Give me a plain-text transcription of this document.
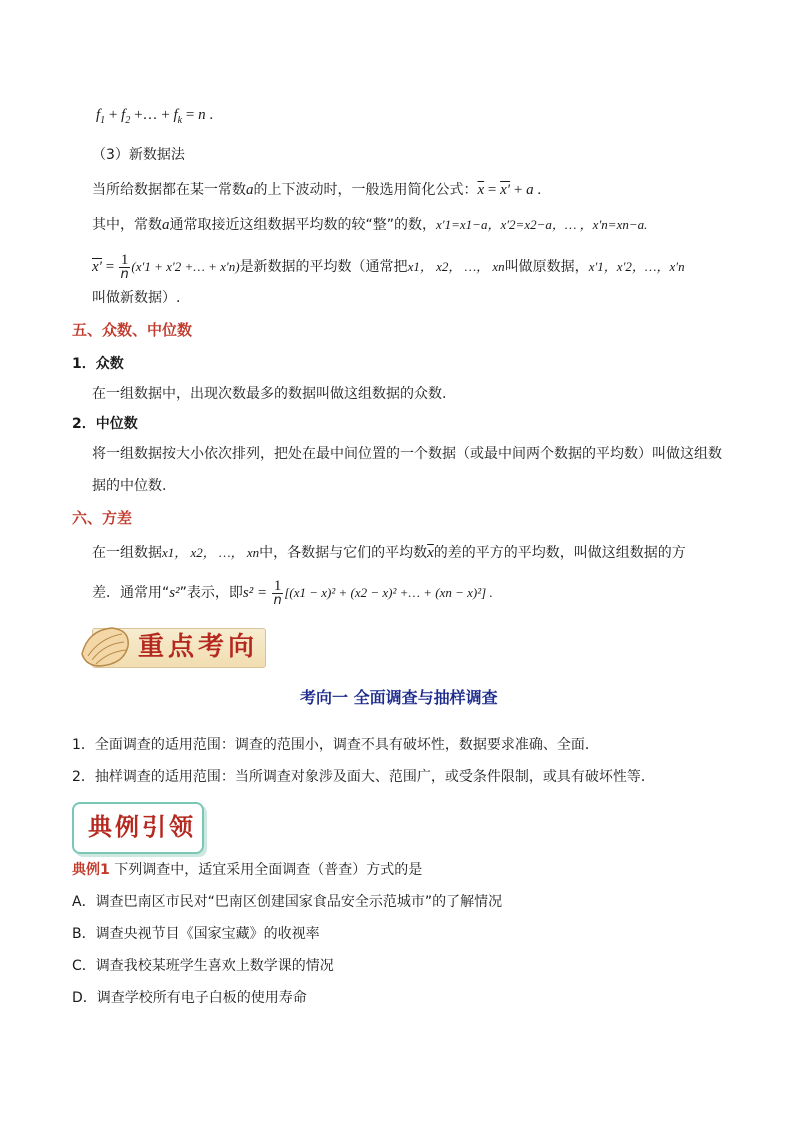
$f_1 + f_2$ +… + $f_k = n$ .
（3）新数据法
当所给数据都在某一常数a的上下波动时，一般选用简化公式：$\overline{x} = x' + a$ .
其中，常数a通常取接近这组数据平均数的较“整”的数，x′1=x1−a，x′2=x2−a，… ，x′n=xn−a.
$x' = \frac{1}{n} (x'1 + x'2$ +… + x′n)是新数据的平均数（通常把x1， x2， …， xn叫做原数据，x′1，x′2，…，x′n
叫做新数据）.
五、众数、中位数
1．众数
在一组数据中，出现次数最多的数据叫做这组数据的众数.
2．中位数
将一组数据按大小依次排列，把处在最中间位置的一个数据（或最中间两个数据的平均数）叫做这组数
据的中位数.
六、方差
在一组数据x1， x2， …， xn中，各数据与它们的平均数$\overline{x}$的差的平方的平均数，叫做这组数据的方
差．通常用“s²”表示，即$s^2 = \frac{1}{n} [(x1 - x)^2 + (x2 - x)^2$ +… + (xn − x)²] .
重点考向
考向一 全面调查与抽样调查
1．全面调查的适用范围：调查的范围小，调查不具有破坏性，数据要求准确、全面．
2．抽样调查的适用范围：当所调查对象涉及面大、范围广，或受条件限制，或具有破坏性等．
典例引领
典例1 下列调查中，适宜采用全面调查（普查）方式的是
A．调查巴南区市民对“巴南区创建国家食品安全示范城市”的了解情况
B．调查央视节目《国家宝藏》的收视率
C．调查我校某班学生喜欢上数学课的情况
D．调查学校所有电子白板的使用寿命
